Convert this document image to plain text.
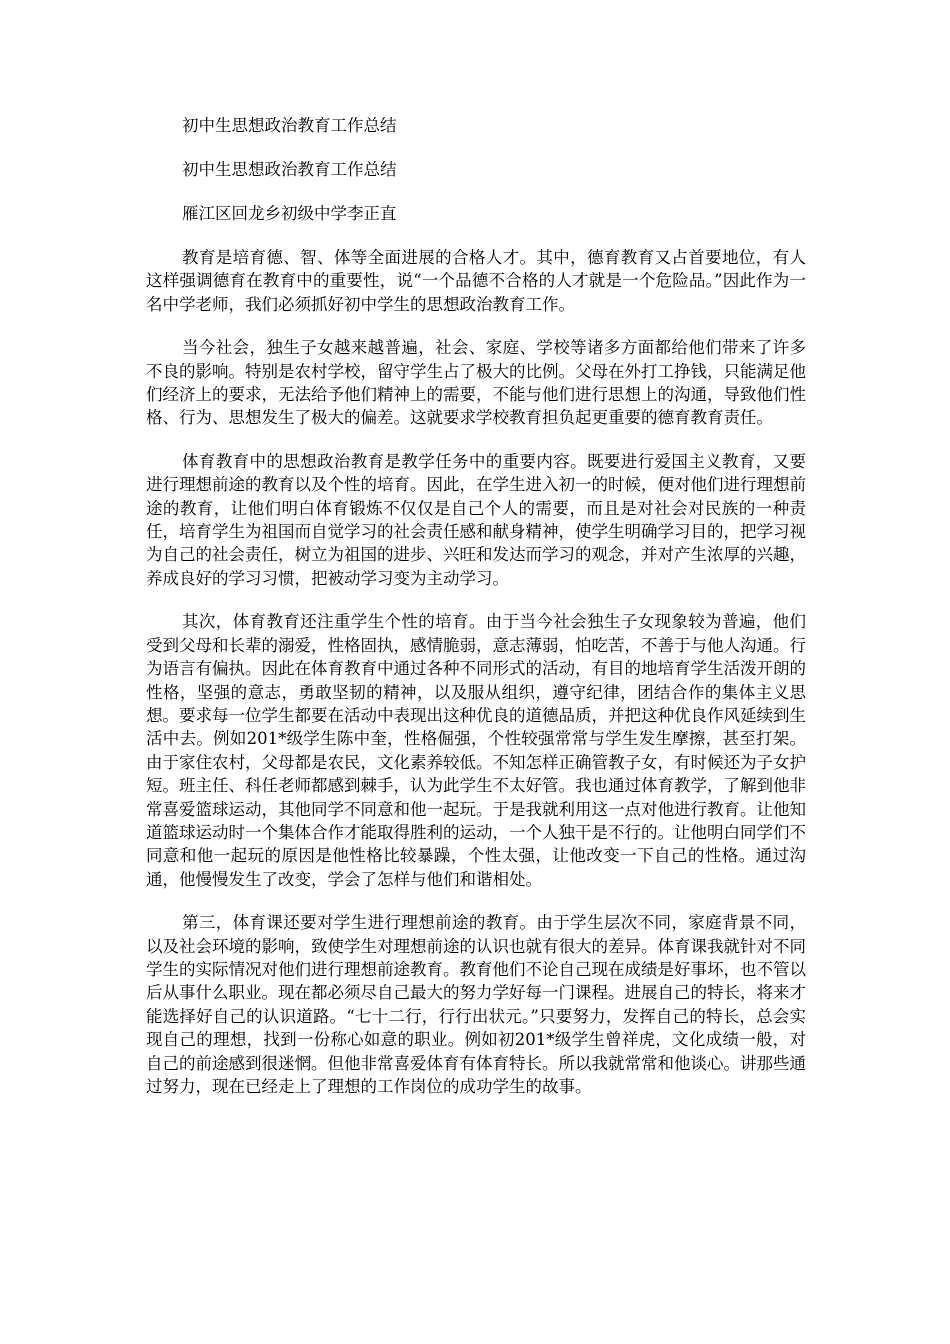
初中生思想政治教育工作总结
初中生思想政治教育工作总结
雁江区回龙乡初级中学李正直

教育是培育德、智、体等全面进展的合格人才。其中，德育教育又占首要地位，有人这样强调德育在教育中的重要性，说“一个品德不合格的人才就是一个危险品。”因此作为一名中学老师，我们必须抓好初中学生的思想政治教育工作。

当今社会，独生子女越来越普遍，社会、家庭、学校等诸多方面都给他们带来了许多不良的影响。特别是农村学校，留守学生占了极大的比例。父母在外打工挣钱，只能满足他们经济上的要求，无法给予他们精神上的需要，不能与他们进行思想上的沟通，导致他们性格、行为、思想发生了极大的偏差。这就要求学校教育担负起更重要的德育教育责任。

体育教育中的思想政治教育是教学任务中的重要内容。既要进行爱国主义教育，又要进行理想前途的教育以及个性的培育。因此，在学生进入初一的时候，便对他们进行理想前途的教育，让他们明白体育锻炼不仅仅是自己个人的需要，而且是对社会对民族的一种责任，培育学生为祖国而自觉学习的社会责任感和献身精神，使学生明确学习目的，把学习视为自己的社会责任，树立为祖国的进步、兴旺和发达而学习的观念，并对产生浓厚的兴趣，养成良好的学习习惯，把被动学习变为主动学习。

其次，体育教育还注重学生个性的培育。由于当今社会独生子女现象较为普遍，他们受到父母和长辈的溺爱，性格固执，感情脆弱，意志薄弱，怕吃苦，不善于与他人沟通。行为语言有偏执。因此在体育教育中通过各种不同形式的活动，有目的地培育学生活泼开朗的性格，坚强的意志，勇敢坚韧的精神，以及服从组织，遵守纪律，团结合作的集体主义思想。要求每一位学生都要在活动中表现出这种优良的道德品质，并把这种优良作风延续到生活中去。例如201*级学生陈中奎，性格倔强，个性较强常常与学生发生摩擦，甚至打架。由于家住农村，父母都是农民，文化素养较低。不知怎样正确管教子女，有时候还为子女护短。班主任、科任老师都感到棘手，认为此学生不太好管。我也通过体育教学，了解到他非常喜爱篮球运动，其他同学不同意和他一起玩。于是我就利用这一点对他进行教育。让他知道篮球运动时一个集体合作才能取得胜利的运动，一个人独干是不行的。让他明白同学们不同意和他一起玩的原因是他性格比较暴躁，个性太强，让他改变一下自己的性格。通过沟通，他慢慢发生了改变，学会了怎样与他们和谐相处。

第三，体育课还要对学生进行理想前途的教育。由于学生层次不同，家庭背景不同，以及社会环境的影响，致使学生对理想前途的认识也就有很大的差异。体育课我就针对不同学生的实际情况对他们进行理想前途教育。教育他们不论自己现在成绩是好事坏，也不管以后从事什么职业。现在都必须尽自己最大的努力学好每一门课程。进展自己的特长，将来才能选择好自己的认识道路。“七十二行，行行出状元。”只要努力，发挥自己的特长，总会实现自己的理想，找到一份称心如意的职业。例如初201*级学生曾祥虎，文化成绩一般，对自己的前途感到很迷惘。但他非常喜爱体育有体育特长。所以我就常常和他谈心。讲那些通过努力，现在已经走上了理想的工作岗位的成功学生的故事。
